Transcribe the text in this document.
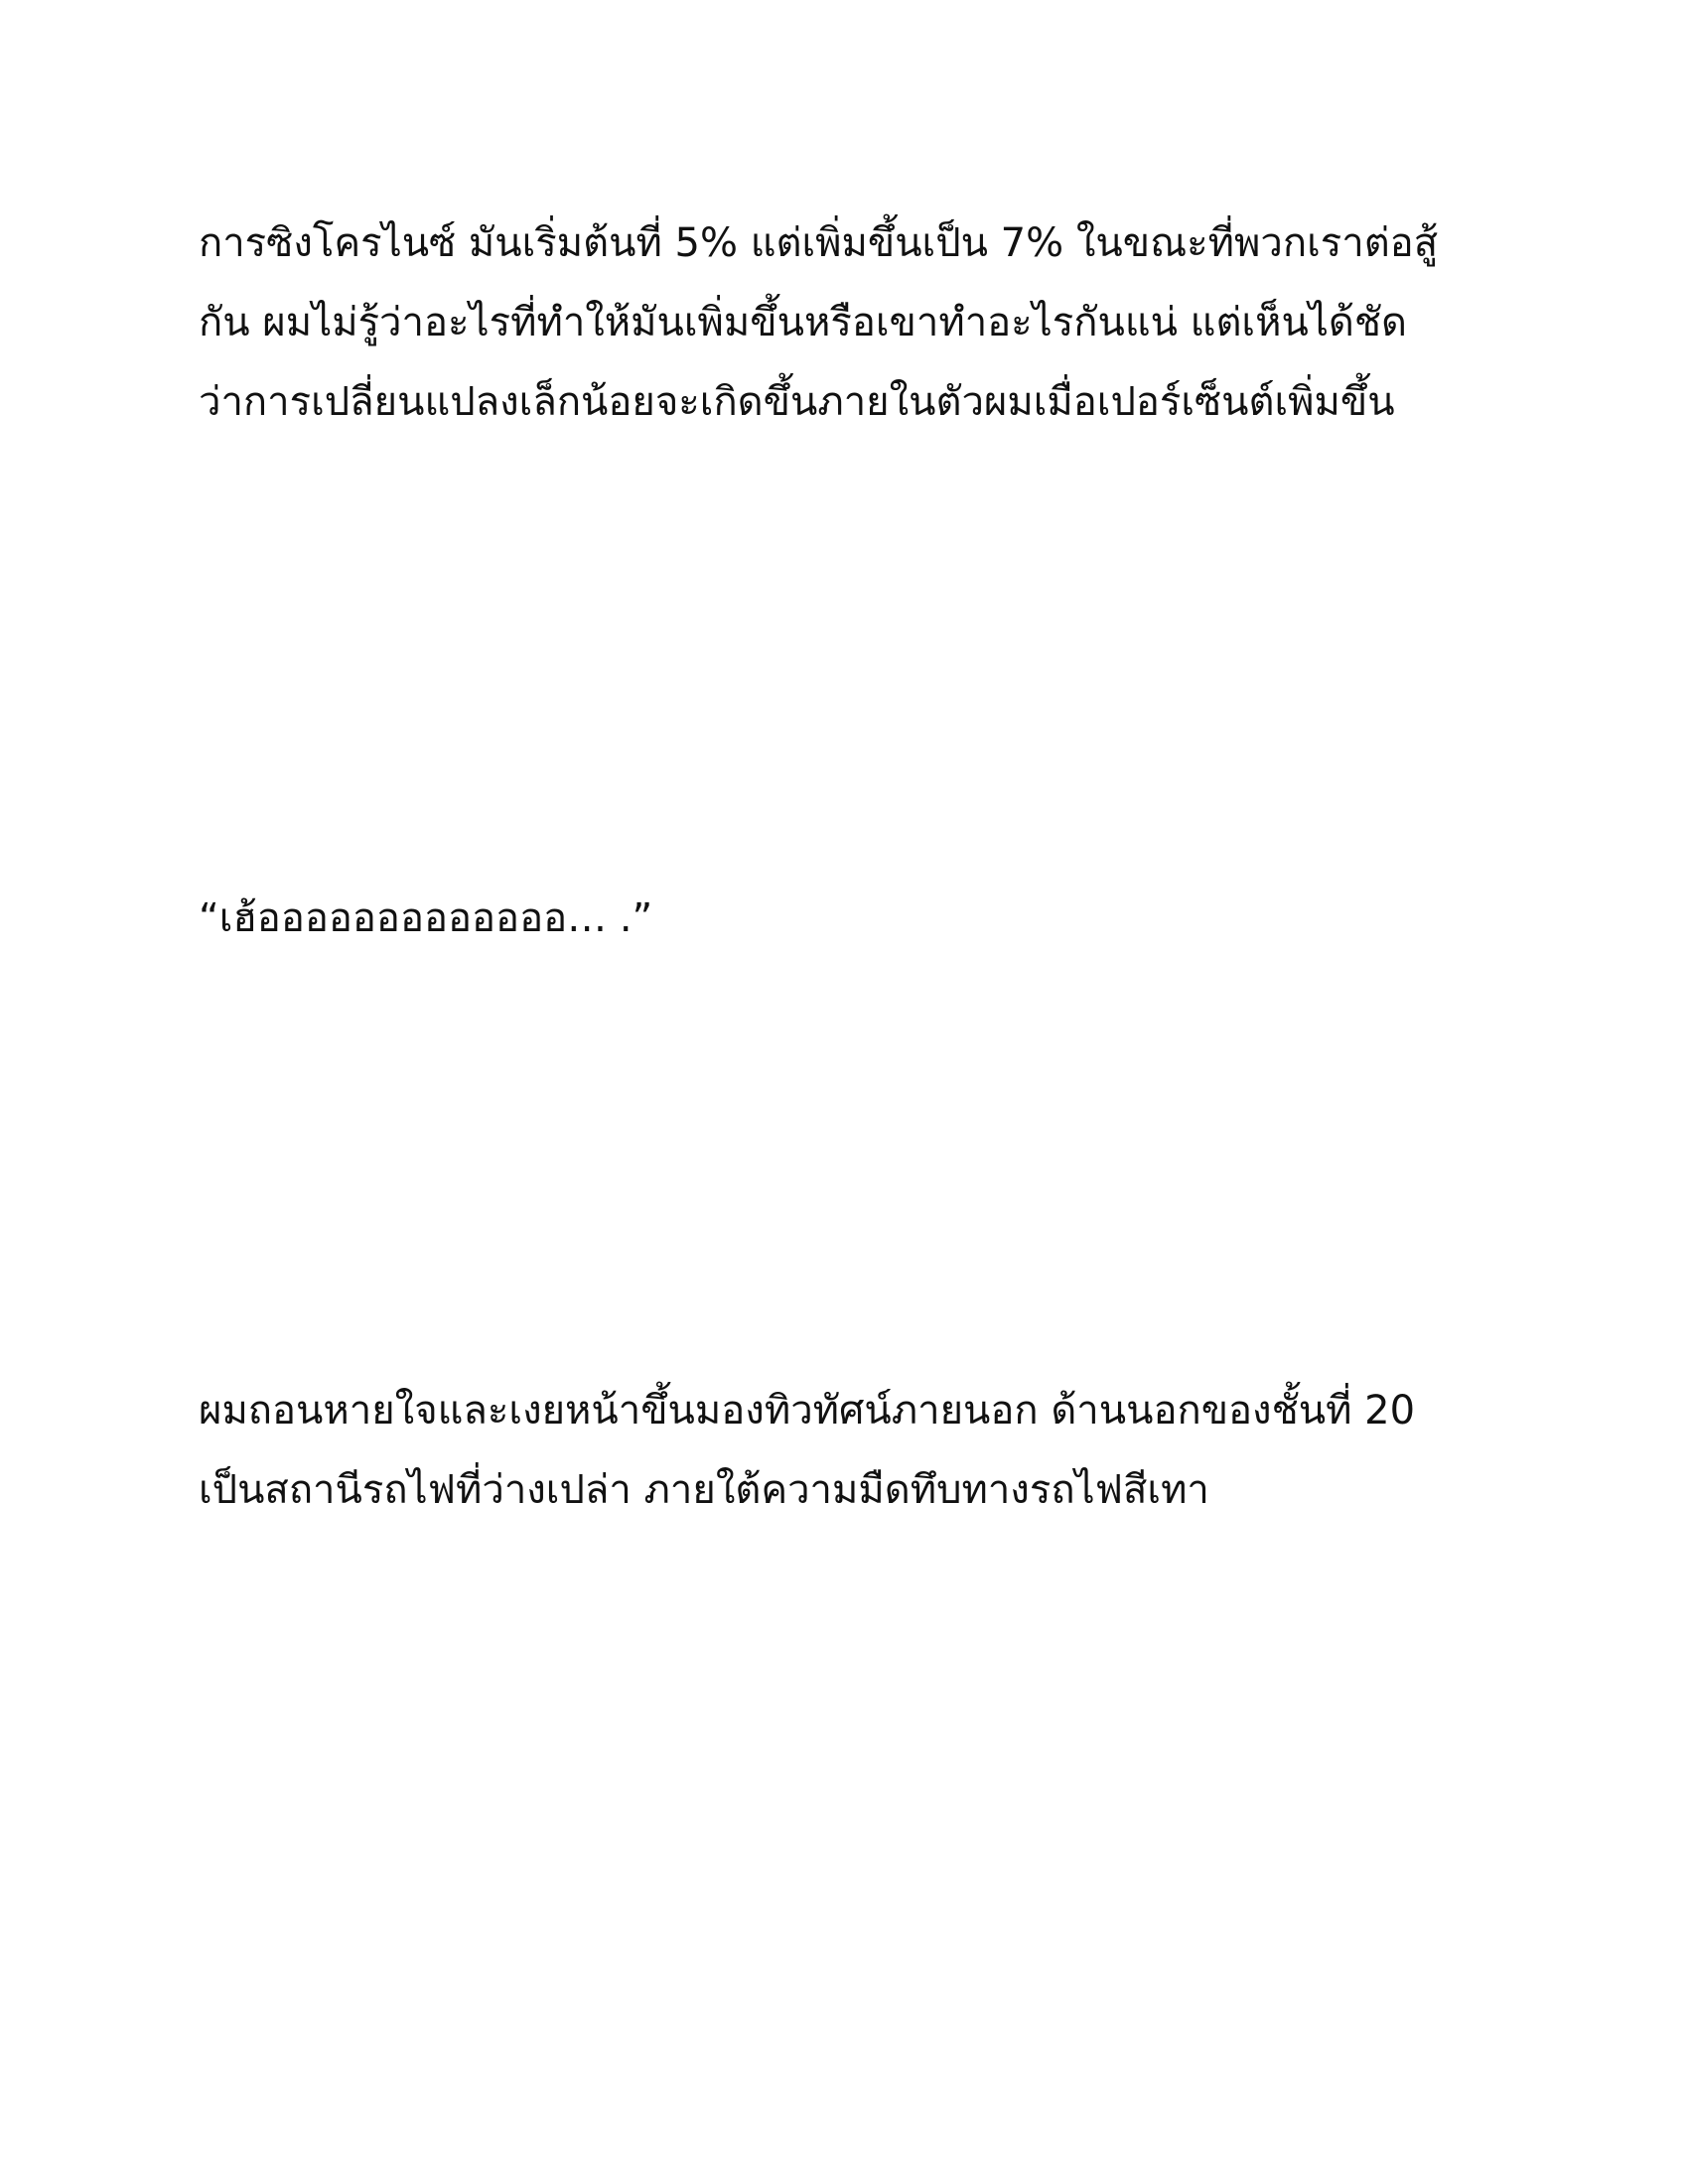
การซิงโครไนซ์ มันเริ่มต้นที่ 5% แต่เพิ่มขึ้นเป็น 7% ในขณะที่พวกเราต่อสู้
กัน ผมไม่รู้ว่าอะไรที่ทำให้มันเพิ่มขึ้นหรือเขาทำอะไรกันแน่ แต่เห็นได้ชัด
ว่าการเปลี่ยนแปลงเล็กน้อยจะเกิดขึ้นภายในตัวผมเมื่อเปอร์เซ็นต์เพิ่มขึ้น

“เฮ้อออออออออออออ… .”

ผมถอนหายใจและเงยหน้าขึ้นมองทิวทัศน์ภายนอก ด้านนอกของชั้นที่ 20
เป็นสถานีรถไฟที่ว่างเปล่า ภายใต้ความมืดทึบทางรถไฟสีเทา
